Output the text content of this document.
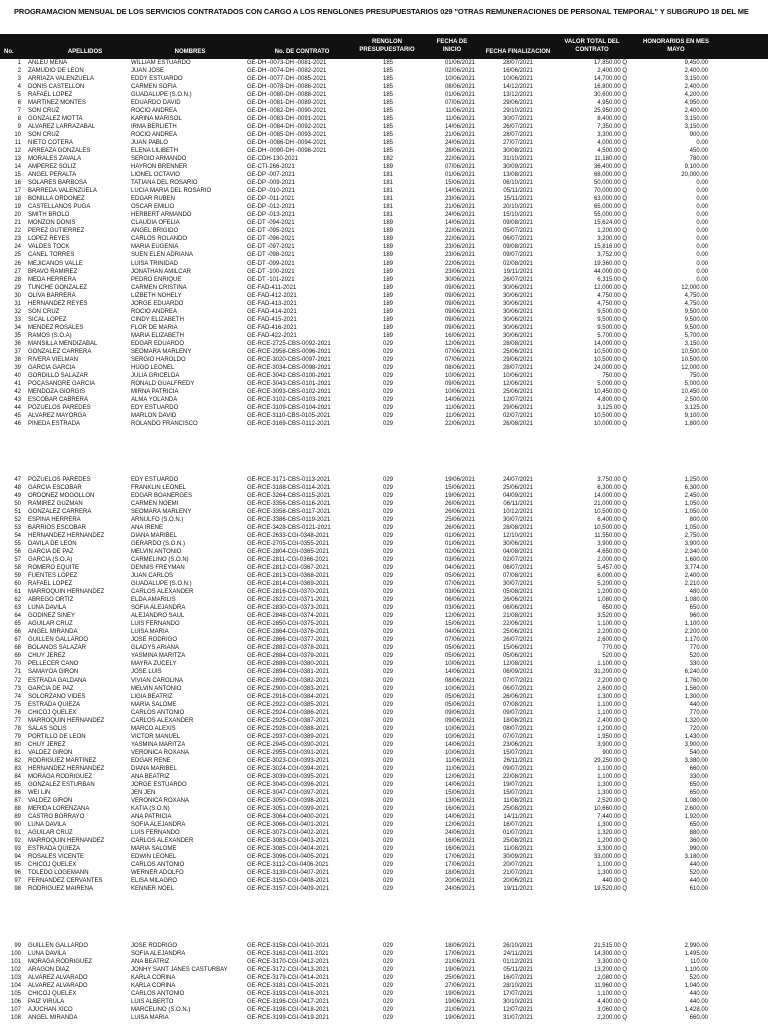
PROGRAMACION MENSUAL DE LOS SERVICIOS CONTRATADOS CON CARGO A LOS RENGLONES PRESUPUESTARIOS 029 "OTRAS REMUNERACIONES DE PERSONAL TEMPORAL" Y SUBGRUPO 18 DEL ME
No.	APELLIDOS	NOMBRES	No. DE CONTRATO
RENGLON
PRESUPUESTARIO
FECHA DE
INICIO	FECHA FINALIZACION
VALOR TOTAL DEL
CONTRATO
HONORARIOS EN MES
MAYO
1 ANLEU MENA	WILLIAM ESTUARDO	GE-DH -0073-DH -0081-2021	185	01/06/2021	28/07/2021	17,850.00 Q	9,450.00
2 ZAMUDIO DE LEON	JUAN JOSE	GE-DH -0074-DH -0082-2021	185	02/06/2021	16/06/2021	2,400.00 Q	2,400.00
3 ARRIAZA VALENZUELA	EDDY ESTUARDO	GE-DH -0077-DH -0085-2021	185	10/06/2021	10/06/2021	14,700.00 Q	3,150.00
4 DONIS CASTELLON	CARMEN SOFIA	GE-DH -0078-DH -0086-2021	185	08/06/2021	14/12/2021	16,800.00 Q	2,400.00
5 RAFAEL LOPEZ	GUADALUPE (S.O.N.)	GE-DH -0080-DH -0088-2021	185	01/06/2021	13/12/2021	30,600.00 Q	4,200.00
6 MARTINEZ MONTES	EDUARDO DAVID	GE-DH -0081-DH -0089-2021	185	07/06/2021	29/06/2021	4,950.00 Q	4,950.00
7 SON CRUZ	ROCIO ANDREA	GE-DH -0082-DH -0090-2021	185	11/06/2021	29/10/2021	25,950.00 Q	2,400.00
8 GONZALEZ MOTTA	KARINA MARISOL	GE-DH -0083-DH -0091-2021	185	11/06/2021	30/07/2021	8,400.00 Q	3,150.00
9 ALVAREZ LARRAZABAL	IRMA BERLIETH	GE-DH -0084-DH -0092-2021	185	14/06/2021	26/07/2021	7,350.00 Q	3,150.00
10 SON CRUZ	ROCIO ANDREA	GE-DH -0085-DH -0093-2021	185	21/06/2021	28/07/2021	3,300.00 Q	900.00
11 NIETO COTERA	JUAN PABLO	GE-DH -0086-DH -0094-2021	185	24/06/2021	27/07/2021	4,000.00 Q	0.00
12 ARREAZA GONZALES	ELENA LILIBETH	GE-DH -0090-DH -0098-2021	185	28/06/2021	30/08/2021	4,500.00 Q	450.00
13 MORALES ZAVALA	SERGIO ARMANDO	GE-CDH-130-2021	182	22/06/2021	31/10/2021	11,180.00 Q	780.00
14 AMPEREZ SOLIZ	HAYRON BRENNER	GE-CTI-266-2021	189	07/06/2021	30/09/2021	36,400.00 Q	9,100.00
15 ANGEL PERALTA	LIONEL OCTAVIO	GE-DP -007-2021	181	01/06/2021	13/08/2021	68,000.00 Q	20,000.00
16 SOLARES BARBOSA	TATIANA DEL ROSARIO	GE-DP -009-2021	181	15/06/2021	06/10/2021	50,000.00 Q	0.00
17 BARREDA VALENZUELA	LUCIA MARIA DEL ROSARIO	GE-DP -010-2021	181	14/06/2021	05/11/2021	70,000.00 Q	0.00
18 BONILLA ORDOÑEZ	EDGAR RUBEN	GE-DP -011-2021	181	23/06/2021	15/11/2021	63,000.00 Q	0.00
19 CASTELLANOS PUGA	OSCAR EMILIO	GE-DP -012-2021	181	21/06/2021	20/10/2021	65,000.00 Q	0.00
20 SMITH BROLO	HERBERT ARMANDO	GE-DP -013-2021	181	24/06/2021	15/10/2021	55,000.00 Q	0.00
21 MONZON DONIS	CLAUDIA OFELIA	GE-DT -094-2021	189	14/06/2021	09/08/2021	15,624.00 Q	0.00
22 PEREZ GUTIERREZ	ANGEL BRIGIDO	GE-DT -095-2021	189	22/06/2021	05/07/2021	1,200.00 Q	0.00
23 LOPEZ REYES	CARLOS ROLANDO	GE-DT -096-2021	189	22/06/2021	06/07/2021	3,200.00 Q	0.00
24 VALDES TOCK	MARIA EUGENIA	GE-DT -097-2021	189	23/06/2021	09/08/2021	15,816.00 Q	0.00
25 CANEL TORRES	SUEN ELEN ADRIANA	GE-DT -098-2021	189	23/06/2021	09/07/2021	3,752.00 Q	0.00
26 MEJICANOS VALLE	LUISA TRINIDAD	GE-DT -099-2021	189	22/06/2021	02/08/2021	19,360.00 Q	0.00
27 BRAVO RAMIREZ	JONATHAN AMILCAR	GE-DT -100-2021	189	23/06/2021	19/11/2021	44,000.00 Q	0.00
28 MEDA HERRERA	PEDRO ENRIQUE	GE-DT -101-2021	189	30/06/2021	26/07/2021	6,315.00 Q	0.00
29 TUNCHE GONZALEZ	CARMEN CRISTINA	GE-FAD-411-2021	189	09/06/2021	30/06/2021	12,000.00 Q	12,000.00
30 OLIVA BARRERA	LIZBETH NOHELY	GE-FAD-412-2021	189	09/06/2021	30/06/2021	4,750.00 Q	4,750.00
31 HERNANDEZ REYES	JORGE EDUARDO	GE-FAD-413-2021	189	09/06/2021	30/06/2021	4,750.00 Q	4,750.00
32 SON CRUZ	ROCIO ANDREA	GE-FAD-414-2021	189	09/06/2021	30/06/2021	9,500.00 Q	9,500.00
33 SICAL LOPEZ	CINDY ELIZABETH	GE-FAD-415-2021	189	09/06/2021	30/06/2021	9,500.00 Q	9,500.00
34 MENDEZ ROSALES	FLOR DE MARIA	GE-FAD-416-2021	189	09/06/2021	30/06/2021	9,500.00 Q	9,500.00
35 RAMOS (S.O.A)	MARIA ELIZABETH	GE-FAD-422-2021	189	16/06/2021	30/06/2021	5,700.00 Q	5,700.00
36 MANSILLA MENDIZABAL	EDGAR EDUARDO	GE-RCE-2725-CBS-0092-2021	029	12/06/2021	28/08/2021	14,000.00 Q	3,150.00
37 GONZALEZ CARRERA	SEOMARA MARLENY	GE-RCE-2958-CBS-0096-2021	029	07/06/2021	25/06/2021	10,500.00 Q	10,500.00
38 RIVERA VIELMAN	SERGIO HAROLDO	GE-RCE-3020-CBS-0097-2021	029	07/06/2021	29/06/2021	10,500.00 Q	10,500.00
39 GARCIA GARCIA	HUGO LEONEL	GE-RCE-3034-CBS-0098-2021	029	08/06/2021	28/07/2021	24,000.00 Q	12,000.00
40 GORDILLO SALAZAR	JULIA GRICELDA	GE-RCE-3042-CBS-0100-2021	029	10/06/2021	10/06/2021	750.00 Q	750.00
41 POCASANGRE GARCIA	RONALD GUALFREDY	GE-RCE-3043-CBS-0101-2021	029	09/06/2021	12/06/2021	5,000.00 Q	5,000.00
42 MENDOZA GIORGIS	MIRNA PATRICIA	GE-RCE-3093-CBS-0102-2021	029	10/06/2021	25/06/2021	10,450.00 Q	10,450.00
43 ESCOBAR CABRERA	ALMA YOLANDA	GE-RCE-3102-CBS-0103-2021	029	14/06/2021	12/07/2021	4,800.00 Q	2,500.00
44 POZUELOS PAREDES	EDY ESTUARDO	GE-RCE-3109-CBS-0104-2021	029	11/06/2021	29/06/2021	3,125.00 Q	3,125.00
45 ALVAREZ MAYORGA	MARLON DAVID	GE-RCE-3110-CBS-0105-2021	029	11/06/2021	02/07/2021	10,500.00 Q	9,100.00
46 PINEDA ESTRADA	ROLANDO FRANCISCO	GE-RCE-3169-CBS-0112-2021	029	22/06/2021	26/08/2021	10,000.00 Q	1,800.00
47 POZUELOS PAREDES	EDY ESTUARDO	GE-RCE-3171-CBS-0113-2021	029	19/06/2021	24/07/2021	3,750.00 Q	1,250.00
48 GARCIA ESCOBAR	FRANKLIN LEONEL	GE-RCE-3188-CBS-0114-2021	029	15/06/2021	25/06/2021	6,300.00 Q	6,300.00
49 ORDOÑEZ MOGOLLON	EDGAR BOANERGES	GE-RCE-3264-CBS-0115-2021	029	19/06/2021	04/09/2021	14,000.00 Q	2,450.00
50 RAMIREZ GUZMAN	CARMEN NOEMI	GE-RCE-3356-CBS-0116-2021	029	26/06/2021	06/11/2021	21,000.00 Q	1,050.00
51 GONZALEZ CARRERA	SEOMARA MARLENY	GE-RCE-3358-CBS-0117-2021	029	26/06/2021	10/12/2021	10,500.00 Q	1,050.00
52 ESPINA HERRERA	ARNULFO (S.O.N.)	GE-RCE-3386-CBS-0119-2021	029	25/06/2021	30/07/2021	6,400.00 Q	800.00
53 BARRIOS ESCOBAR	ANA IRENE	GE-RCE-3428-CBS-0121-2021	029	26/06/2021	28/08/2021	10,500.00 Q	1,050.00
54 HERNANDEZ HERNANDEZ	DIANA MARIBEL	GE-RCE-2633-CGI-0348-2021	029	01/06/2021	12/10/2021	11,550.00 Q	2,750.00
55 DAVILA DE LEON	GERARDO (S.O.N.)	GE-RCE-2705-CGI-0355-2021	029	01/06/2021	30/06/2021	3,900.00 Q	3,900.00
56 GARCIA DE PAZ	MELVIN ANTONIO	GE-RCE-2804-CGI-0365-2021	029	02/06/2021	04/08/2021	4,650.00 Q	2,340.00
57 GARCIA (S.O.A)	CARMELINO (S.O.N)	GE-RCE-2811-CGI-0366-2021	029	03/06/2021	02/07/2021	2,000.00 Q	1,600.00
58 ROMERO EQUITE	DENNIS FREYMAN	GE-RCE-2812-CGI-0367-2021	029	04/06/2021	06/07/2021	5,457.00 Q	3,774.00
59 FUENTES LOPEZ	JUAN CARLOS	GE-RCE-2813-CGI-0368-2021	029	05/06/2021	07/08/2021	6,000.00 Q	2,400.00
60 RAFAEL LOPEZ	GUADALUPE (S.O.N.)	GE-RCE-2814-CGI-0369-2021	029	07/06/2021	30/07/2021	5,200.00 Q	2,210.00
61 MARROQUIN HERNANDEZ	CARLOS ALEXANDER	GE-RCE-2816-CGI-0370-2021	029	03/06/2021	05/08/2021	1,200.00 Q	480.00
62 ABREGO ORTIZ	ELDA AMARILIS	GE-RCE-2822-CGI-0371-2021	029	06/06/2021	26/06/2021	1,080.00 Q	1,080.00
63 LUNA DAVILA	SOFIA ALEJANDRA	GE-RCE-2830-CGI-0373-2021	029	03/06/2021	06/06/2021	650.00 Q	650.00
64 GODINEZ SINEY	ALEJANDRO SAUL	GE-RCE-2848-CGI-0374-2021	029	12/06/2021	21/08/2021	3,520.00 Q	960.00
65 AGUILAR CRUZ	LUIS FERNANDO	GE-RCE-2850-CGI-0375-2021	029	15/06/2021	22/06/2021	1,100.00 Q	1,100.00
66 ANGEL MIRANDA	LUISA MARIA	GE-RCE-2864-CGI-0376-2021	029	04/06/2021	25/06/2021	2,200.00 Q	2,200.00
67 GUILLEN GALLARDO	JOSE RODRIGO	GE-RCE-2866-CGI-0377-2021	029	07/06/2021	26/07/2021	2,600.00 Q	1,170.00
68 BOLAÑOS SALAZAR	GLADYS ARIANA	GE-RCE-2882-CGI-0378-2021	029	05/06/2021	15/06/2021	770.00 Q	770.00
69 CHUY JEREZ	YASMINA MARITZA	GE-RCE-2884-CGI-0379-2021	029	05/06/2021	05/06/2021	520.00 Q	520.00
70 PELLECER CANO	MAYRA ZUCELY	GE-RCE-2889-CGI-0380-2021	029	10/06/2021	12/08/2021	1,100.00 Q	330.00
71 SAMAYOA GIRON	JOSE LUIS	GE-RCE-2894-CGI-0381-2021	029	14/06/2021	06/09/2021	31,200.00 Q	6,240.00
72 ESTRADA GALDAÑA	VIVIAN CAROLINA	GE-RCE-2899-CGI-0382-2021	029	08/06/2021	07/07/2021	2,200.00 Q	1,760.00
73 GARCIA DE PAZ	MELVIN ANTONIO	GE-RCE-2900-CGI-0383-2021	029	10/06/2021	06/07/2021	2,600.00 Q	1,560.00
74 SOLORZANO VIDES	LIGIA BEATRIZ	GE-RCE-2916-CGI-0384-2021	029	05/06/2021	26/06/2021	1,300.00 Q	1,300.00
75 ESTRADA QUIEZA	MARIA SALOME	GE-RCE-2922-CGI-0385-2021	029	05/06/2021	07/08/2021	1,100.00 Q	440.00
76 CHICOJ QUELEX	CARLOS ANTONIO	GE-RCE-2924-CGI-0386-2021	029	09/06/2021	09/07/2021	1,100.00 Q	770.00
77 MARROQUIN HERNANDEZ	CARLOS ALEXANDER	GE-RCE-2925-CGI-0387-2021	029	09/06/2021	18/08/2021	2,400.00 Q	1,320.00
78 SALAS SOLIS	MARCO ALEXIS	GE-RCE-2928-CGI-0388-2021	029	10/06/2021	08/07/2021	1,200.00 Q	720.00
79 PORTILLO DE LEON	VICTOR MANUEL	GE-RCE-2937-CGI-0389-2021	029	10/06/2021	07/07/2021	1,950.00 Q	1,430.00
80 CHUY JEREZ	YASMINA MARITZA	GE-RCE-2945-CGI-0390-2021	029	14/06/2021	23/06/2021	3,900.00 Q	3,900.00
81 VALDEZ GIRON	VERONICA ROXANA	GE-RCE-2955-CGI-0391-2021	029	10/06/2021	15/07/2021	900.00 Q	540.00
82 RODRIGUEZ MARTINEZ	EDGAR RENE	GE-RCE-3023-CGI-0393-2021	029	11/06/2021	26/11/2021	29,250.00 Q	3,380.00
83 HERNANDEZ HERNANDEZ	DIANA MARIBEL	GE-RCE-3024-CGI-0394-2021	029	11/06/2021	09/07/2021	1,100.00 Q	660.00
84 MORAGA RODRIGUEZ	ANA BEATRIZ	GE-RCE-3039-CGI-0395-2021	029	12/06/2021	22/08/2021	1,100.00 Q	330.00
85 GONZALEZ ESTURBAN	JORGE ESTUARDO	GE-RCE-3040-CGI-0396-2021	029	14/06/2021	19/07/2021	1,300.00 Q	650.00
86 WEI LIN	JEN JEN	GE-RCE-3047-CGI-0397-2021	029	15/06/2021	15/07/2021	1,300.00 Q	650.00
87 VALDEZ GIRON	VERONICA ROXANA	GE-RCE-3050-CGI-0398-2021	029	13/06/2021	11/08/2021	2,520.00 Q	1,080.00
88 MERIDA LORENZANA	KATIA (S.O.N)	GE-RCE-3051-CGI-0399-2021	029	16/06/2021	25/08/2021	10,660.00 Q	2,600.00
89 CASTRO BORRAYO	ANA PATRICIA	GE-RCE-3064-CGI-0400-2021	029	14/06/2021	14/11/2021	7,440.00 Q	1,920.00
90 LUNA DAVILA	SOFIA ALEJANDRA	GE-RCE-3066-CGI-0401-2021	029	12/06/2021	16/07/2021	1,300.00 Q	650.00
91 AGUILAR CRUZ	LUIS FERNANDO	GE-RCE-3073-CGI-0402-2021	029	24/06/2021	01/07/2021	1,320.00 Q	880.00
92 MARROQUIN HERNANDEZ	CARLOS ALEXANDER	GE-RCE-3083-CGI-0403-2021	029	16/06/2021	25/08/2021	1,200.00 Q	360.00
93 ESTRADA QUIEZA	MARIA SALOME	GE-RCE-3085-CGI-0404-2021	029	16/06/2021	11/08/2021	3,300.00 Q	990.00
94 ROSALES VICENTE	EDWIN LEONEL	GE-RCE-3096-CGI-0405-2021	029	17/06/2021	30/09/2021	33,000.00 Q	3,180.00
95 CHICOJ QUELEX	CARLOS ANTONIO	GE-RCE-3112-CGI-0406-2021	029	17/06/2021	20/07/2021	1,100.00 Q	440.00
96 TOLEDO LOGEMANN	WERNER ADOLFO	GE-RCE-3139-CGI-0407-2021	029	18/06/2021	21/07/2021	1,300.00 Q	520.00
97 FERNANDEZ CERVANTES	ELISA MILAGRO	GE-RCE-3150-CGI-0408-2021	029	20/06/2021	20/06/2021	440.00 Q	440.00
98 RODRIGUEZ MAIRENA	KENNER NOEL	GE-RCE-3157-CGI-0409-2021	029	24/06/2021	19/11/2021	19,520.00 Q	610.00
99 GUILLEN GALLARDO	JOSE RODRIGO	GE-RCE-3158-CGI-0410-2021	029	18/06/2021	26/10/2021	21,515.00 Q	2,990.00
100 LUNA DAVILA	SOFIA ALEJANDRA	GE-RCE-3162-CGI-0411-2021	029	17/06/2021	24/11/2021	14,300.00 Q	1,495.00
101 MORAGA RODRIGUEZ	ANA BEATRIZ	GE-RCE-3170-CGI-0412-2021	029	21/06/2021	01/12/2021	3,300.00 Q	110.00
102 ARAGON DIAZ	JONHY SANT JANES CASTURBAY	GE-RCE-3172-CGI-0413-2021	029	19/06/2021	05/11/2021	13,200.00 Q	1,100.00
103 ALVAREZ ALVARADO	KARLA CORINA	GE-RCE-3179-CGI-0414-2021	029	25/06/2021	16/07/2021	2,080.00 Q	520.00
104 ALVAREZ ALVARADO	KARLA CORINA	GE-RCE-3181-CGI-0415-2021	029	27/06/2021	28/10/2021	11,960.00 Q	1,040.00
105 CHICOJ QUELEX	CARLOS ANTONIO	GE-RCE-3193-CGI-0416-2021	029	19/06/2021	17/07/2021	1,100.00 Q	440.00
106 PAIZ VIRULA	LUIS ALBERTO	GE-RCE-3196-CGI-0417-2021	029	19/06/2021	30/10/2021	4,400.00 Q	440.00
107 AJUCHAN XICO	MARCELINO (S.O.N.)	GE-RCE-3198-CGI-0418-2021	029	21/06/2021	12/07/2021	3,060.00 Q	1,428.00
108 ANGEL MIRANDA	LUISA MARIA	GE-RCE-3199-CGI-0419-2021	029	19/06/2021	31/07/2021	2,200.00 Q	660.00
